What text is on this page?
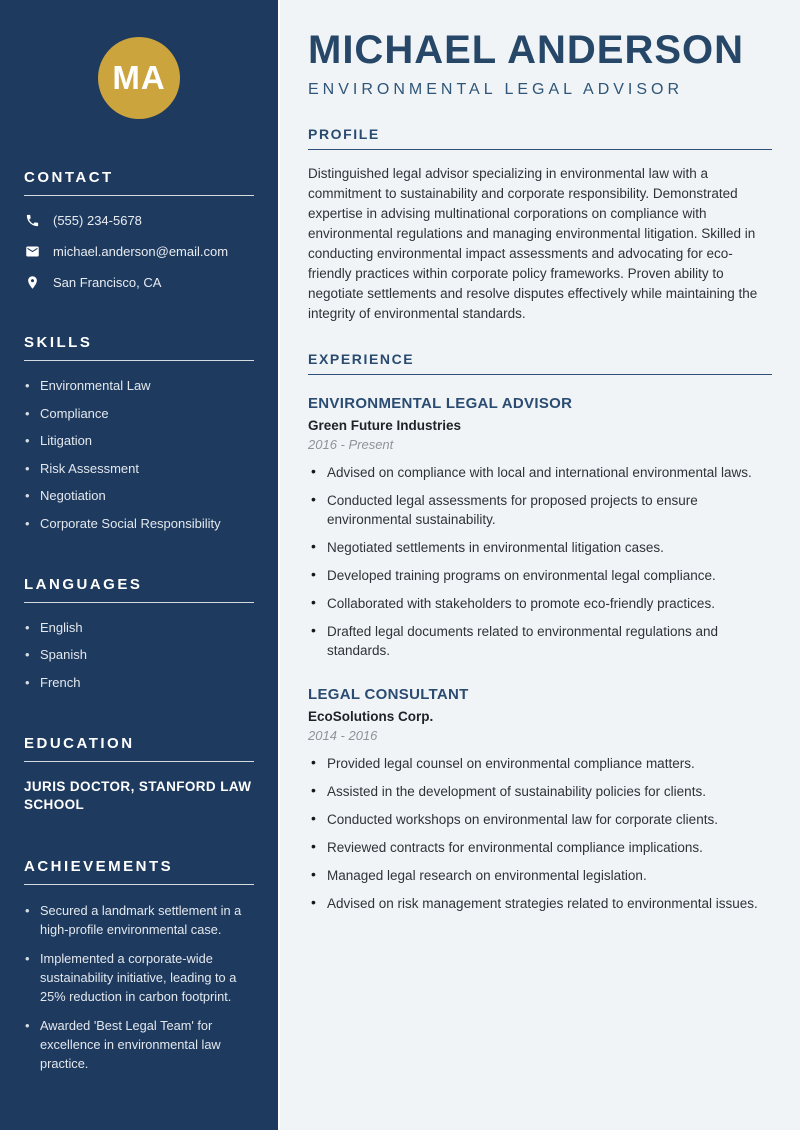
MA
CONTACT
(555) 234-5678
michael.anderson@email.com
San Francisco, CA
SKILLS
• Environmental Law
• Compliance
• Litigation
• Risk Assessment
• Negotiation
• Corporate Social Responsibility
LANGUAGES
• English
• Spanish
• French
EDUCATION
JURIS DOCTOR, STANFORD LAW SCHOOL
ACHIEVEMENTS
• Secured a landmark settlement in a high-profile environmental case.
• Implemented a corporate-wide sustainability initiative, leading to a 25% reduction in carbon footprint.
• Awarded 'Best Legal Team' for excellence in environmental law practice.
MICHAEL ANDERSON
ENVIRONMENTAL LEGAL ADVISOR
PROFILE

Distinguished legal advisor specializing in environmental law with a commitment to sustainability and corporate responsibility. Demonstrated expertise in advising multinational corporations on compliance with environmental regulations and managing environmental litigation. Skilled in conducting environmental impact assessments and advocating for eco-friendly practices within corporate policy frameworks. Proven ability to negotiate settlements and resolve disputes effectively while maintaining the integrity of environmental standards.

EXPERIENCE
ENVIRONMENTAL LEGAL ADVISOR
Green Future Industries
2016 - Present
• Advised on compliance with local and international environmental laws.
• Conducted legal assessments for proposed projects to ensure environmental sustainability.
• Negotiated settlements in environmental litigation cases.
• Developed training programs on environmental legal compliance.
• Collaborated with stakeholders to promote eco-friendly practices.
• Drafted legal documents related to environmental regulations and standards.
LEGAL CONSULTANT
EcoSolutions Corp.
2014 - 2016
• Provided legal counsel on environmental compliance matters.
• Assisted in the development of sustainability policies for clients.
• Conducted workshops on environmental law for corporate clients.
• Reviewed contracts for environmental compliance implications.
• Managed legal research on environmental legislation.
• Advised on risk management strategies related to environmental issues.
